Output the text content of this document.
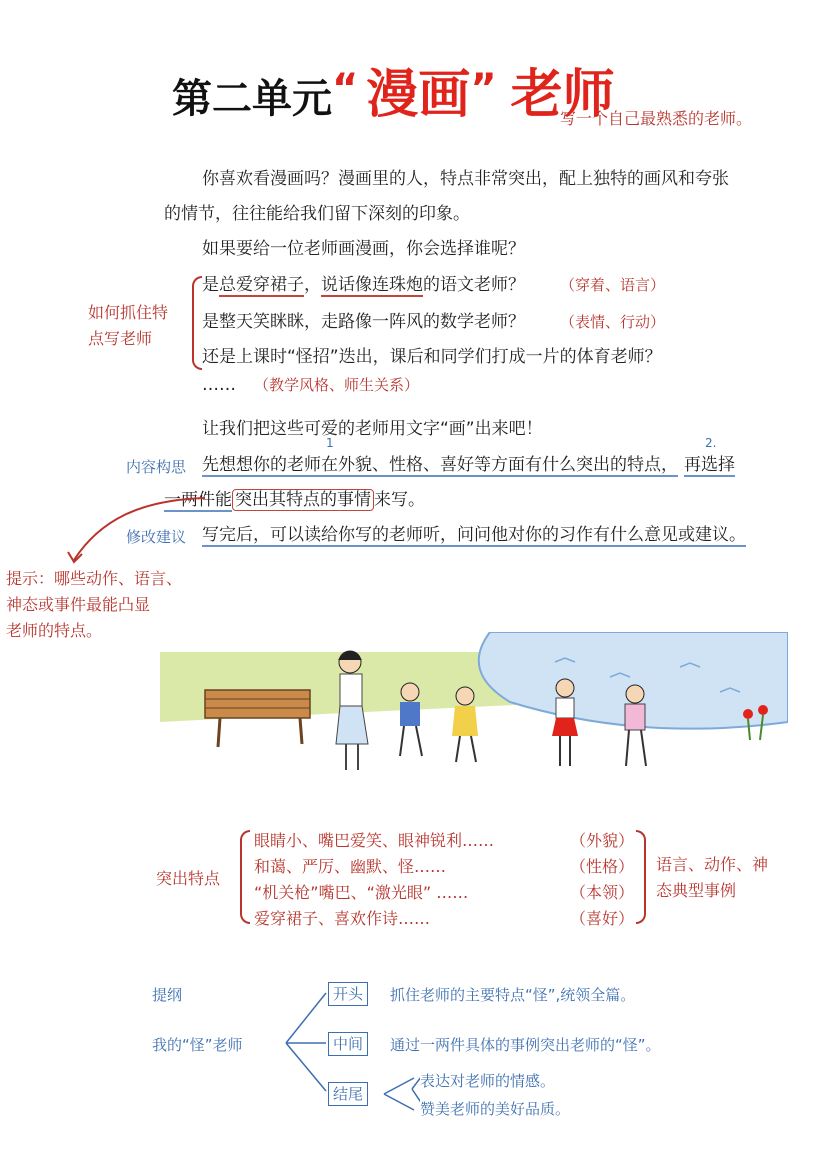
第二单元“ 漫画” 老师
写一个自己最熟悉的老师。
你喜欢看漫画吗？漫画里的人，特点非常突出，配上独特的画风和夸张
的情节，往往能给我们留下深刻的印象。
如果要给一位老师画漫画，你会选择谁呢？
是总爱穿裙子，说话像连珠炮的语文老师？ （穿着、语言）
是整天笑眯眯，走路像一阵风的数学老师？ （表情、行动）
还是上课时“怪招”迭出，课后和同学们打成一片的体育老师？
…… （教学风格、师生关系）
如何抓住特
点写老师
让我们把这些可爱的老师用文字“画”出来吧！
1	2.
内容构思 先想想你的老师在外貌、性格、喜好等方面有什么突出的特点， 再选择
一两件能 突出其特点的事情 来写。
修改建议 写完后，可以读给你写的老师听，问问他对你的习作有什么意见或建议。
提示：哪些动作、语言、
神态或事件最能凸显
老师的特点。
突出特点
眼睛小、嘴巴爱笑、眼神锐利……	（外貌）
和蔼、严厉、幽默、怪……	（性格）
“机关枪”嘴巴、“激光眼” ……	（本领）
爱穿裙子、喜欢作诗……	（喜好）
语言、动作、神
态典型事例
提纲
我的“怪”老师
开头	抓住老师的主要特点“怪”,统领全篇。
中间	通过一两件具体的事例突出老师的“怪”。
结尾
表达对老师的情感。
赞美老师的美好品质。
